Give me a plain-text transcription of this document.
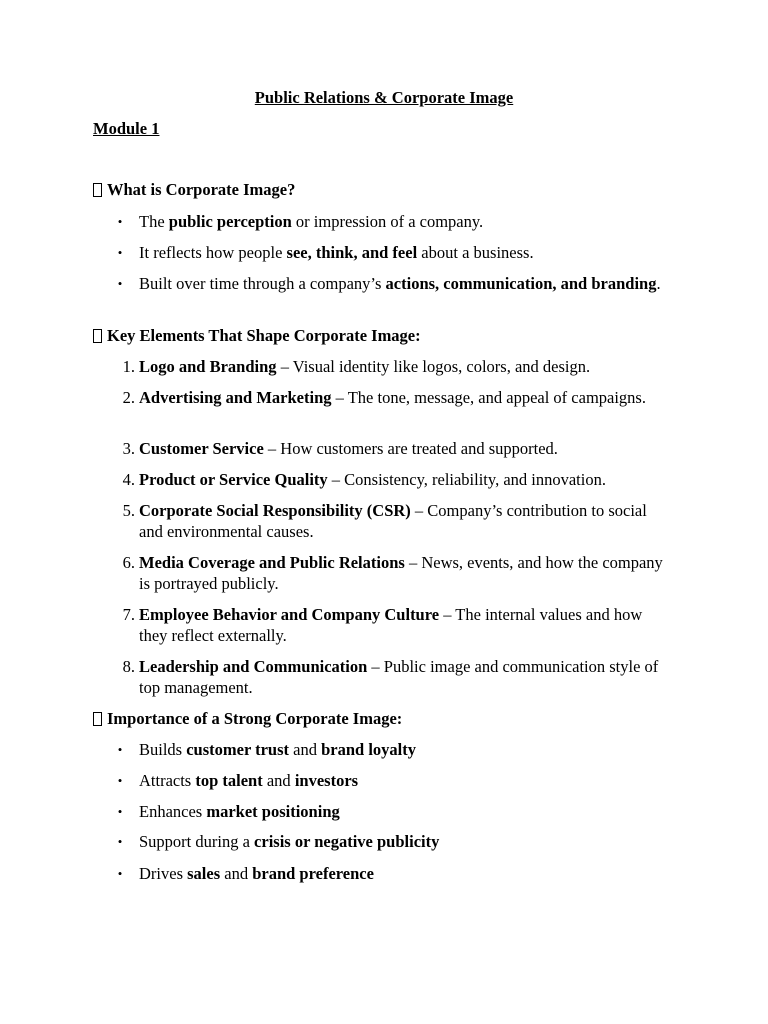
Public Relations & Corporate Image
Module 1
What is Corporate Image?
• The public perception or impression of a company.
• It reflects how people see, think, and feel about a business.
• Built over time through a company’s actions, communication, and branding.
Key Elements That Shape Corporate Image:
1. Logo and Branding – Visual identity like logos, colors, and design.
2. Advertising and Marketing – The tone, message, and appeal of campaigns.
3. Customer Service – How customers are treated and supported.
4. Product or Service Quality – Consistency, reliability, and innovation.
5. Corporate Social Responsibility (CSR) – Company’s contribution to social and environmental causes.
6. Media Coverage and Public Relations – News, events, and how the company is portrayed publicly.
7. Employee Behavior and Company Culture – The internal values and how they reflect externally.
8. Leadership and Communication – Public image and communication style of top management.
Importance of a Strong Corporate Image:
• Builds customer trust and brand loyalty
• Attracts top talent and investors
• Enhances market positioning
• Support during a crisis or negative publicity
• Drives sales and brand preference
